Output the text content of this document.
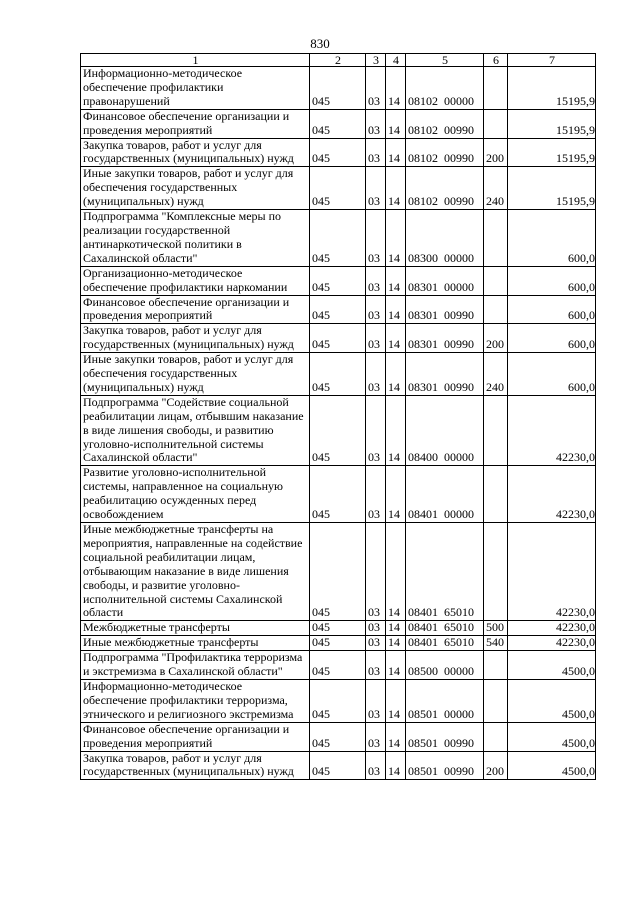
830
1	2	3	4	5	6	7
Информационно-методическое обеспечение профилактики правонарушений	045	03	14	08102 00000		15195,9
Финансовое обеспечение организации и проведения мероприятий	045	03	14	08102 00990		15195,9
Закупка товаров, работ и услуг для государственных (муниципальных) нужд	045	03	14	08102 00990	200	15195,9
Иные закупки товаров, работ и услуг для обеспечения государственных (муниципальных) нужд	045	03	14	08102 00990	240	15195,9
Подпрограмма "Комплексные меры по реализации государственной антинаркотической политики в Сахалинской области"	045	03	14	08300 00000		600,0
Организационно-методическое обеспечение профилактики наркомании	045	03	14	08301 00000		600,0
Финансовое обеспечение организации и проведения мероприятий	045	03	14	08301 00990		600,0
Закупка товаров, работ и услуг для государственных (муниципальных) нужд	045	03	14	08301 00990	200	600,0
Иные закупки товаров, работ и услуг для обеспечения государственных (муниципальных) нужд	045	03	14	08301 00990	240	600,0
Подпрограмма "Содействие социальной реабилитации лицам, отбывшим наказание в виде лишения свободы, и развитию уголовно-исполнительной системы Сахалинской области"	045	03	14	08400 00000		42230,0
Развитие уголовно-исполнительной системы, направленное на социальную реабилитацию осужденных перед освобождением	045	03	14	08401 00000		42230,0
Иные межбюджетные трансферты на мероприятия, направленные на содействие социальной реабилитации лицам, отбывающим наказание в виде лишения свободы, и развитие уголовно-исполнительной системы Сахалинской области	045	03	14	08401 65010		42230,0
Межбюджетные трансферты	045	03	14	08401 65010	500	42230,0
Иные межбюджетные трансферты	045	03	14	08401 65010	540	42230,0
Подпрограмма "Профилактика терроризма и экстремизма в Сахалинской области"	045	03	14	08500 00000		4500,0
Информационно-методическое обеспечение профилактики терроризма, этнического и религиозного экстремизма	045	03	14	08501 00000		4500,0
Финансовое обеспечение организации и проведения мероприятий	045	03	14	08501 00990		4500,0
Закупка товаров, работ и услуг для государственных (муниципальных) нужд	045	03	14	08501 00990	200	4500,0
